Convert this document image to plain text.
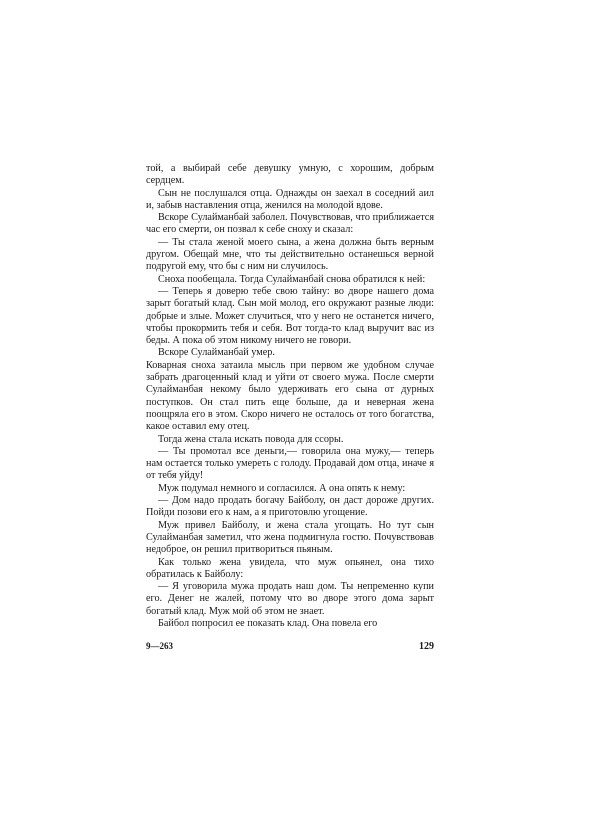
той, а выбирай себе девушку умную, с хорошим, добрым сердцем.

Сын не послушался отца. Однажды он заехал в соседний аил и, забыв наставления отца, женился на молодой вдове.

Вскоре Сулайманбай заболел. Почувствовав, что приближается час его смерти, он позвал к себе сноху и сказал:

— Ты стала женой моего сына, а жена должна быть верным другом. Обещай мне, что ты действительно останешься верной подругой ему, что бы с ним ни случилось.

Сноха пообещала. Тогда Сулайманбай снова обратился к ней:

— Теперь я доверю тебе свою тайну: во дворе нашего дома зарыт богатый клад. Сын мой молод, его окружают разные люди: добрые и злые. Может случиться, что у него не останется ничего, чтобы прокормить тебя и себя. Вот тогда-то клад выручит вас из беды. А пока об этом никому ничего не говори.

Вскоре Сулайманбай умер.

Коварная сноха затаила мысль при первом же удобном случае забрать драгоценный клад и уйти от своего мужа. После смерти Сулайманбая некому было удерживать его сына от дурных поступков. Он стал пить еще больше, да и неверная жена поощряла его в этом. Скоро ничего не осталось от того богатства, какое оставил ему отец.

Тогда жена стала искать повода для ссоры.

— Ты промотал все деньги,— говорила она мужу,— теперь нам остается только умереть с голоду. Продавай дом отца, иначе я от тебя уйду!

Муж подумал немного и согласился. А она опять к нему:

— Дом надо продать богачу Байболу, он даст дороже других. Пойди позови его к нам, а я приготовлю угощение.

Муж привел Байболу, и жена стала угощать. Но тут сын Сулайманбая заметил, что жена подмигнула гостю. Почувствовав недоброе, он решил притвориться пьяным.

Как только жена увидела, что муж опьянел, она тихо обратилась к Байболу:

— Я уговорила мужа продать наш дом. Ты непременно купи его. Денег не жалей, потому что во дворе этого дома зарыт богатый клад. Муж мой об этом не знает.

Байбол попросил ее показать клад. Она повела его

9—263	129
